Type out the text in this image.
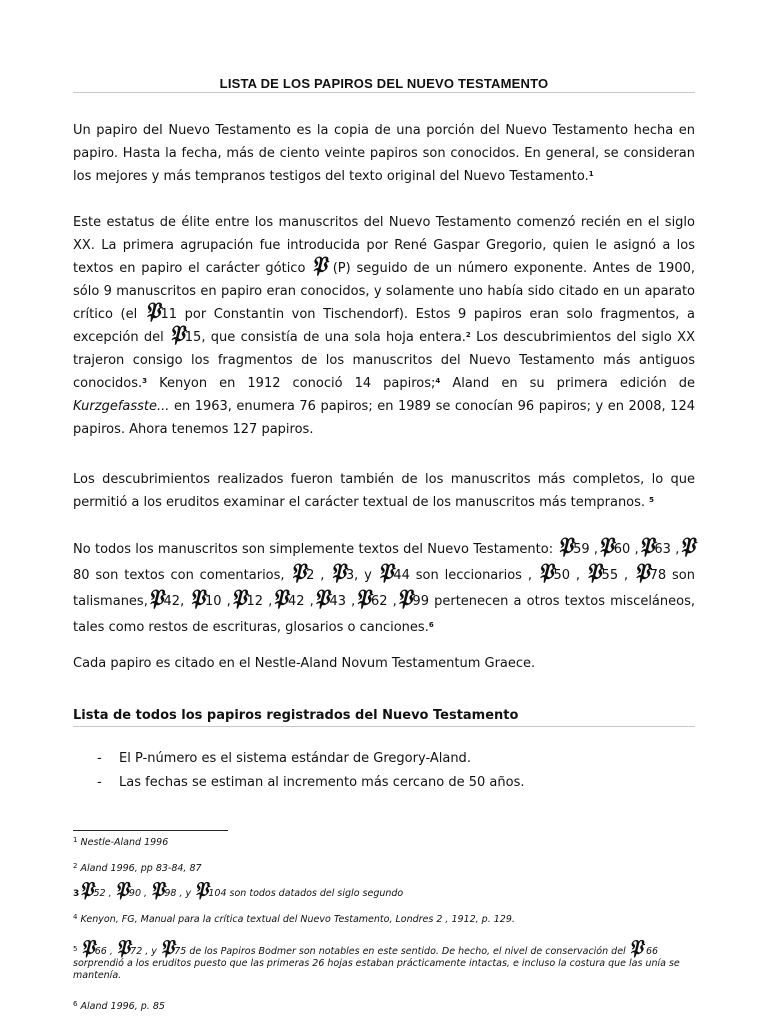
LISTA DE LOS PAPIROS DEL NUEVO TESTAMENTO
Un papiro del Nuevo Testamento es la copia de una porción del Nuevo Testamento hecha en papiro. Hasta la fecha, más de ciento veinte papiros son conocidos. En general, se consideran los mejores y más tempranos testigos del texto original del Nuevo Testamento.$^1$
Este estatus de élite entre los manuscritos del Nuevo Testamento comenzó recién en el siglo XX. La primera agrupación fue introducida por René Gaspar Gregorio, quien le asignó a los textos en papiro el carácter gótico 𝔓 (P) seguido de un número exponente. Antes de 1900, sólo 9 manuscritos en papiro eran conocidos, y solamente uno había sido citado en un aparato crítico (el 𝔓11 por Constantin von Tischendorf). Estos 9 papiros eran solo fragmentos, a excepción del 𝔓15, que consistía de una sola hoja entera.$^2$ Los descubrimientos del siglo XX trajeron consigo los fragmentos de los manuscritos del Nuevo Testamento más antiguos conocidos.$^3$ Kenyon en 1912 conoció 14 papiros;$^4$ Aland en su primera edición de Kurzgefasste... en 1963, enumera 76 papiros; en 1989 se conocían 96 papiros; y en 2008, 124 papiros. Ahora tenemos 127 papiros.
Los descubrimientos realizados fueron también de los manuscritos más completos, lo que permitió a los eruditos examinar el carácter textual de los manuscritos más tempranos. $^5$
No todos los manuscritos son simplemente textos del Nuevo Testamento: 𝔓59 ,𝔓60 ,𝔓63 ,𝔓 80 son textos con comentarios, 𝔓2 , 𝔓3, y 𝔓44 son leccionarios , 𝔓50 , 𝔓55 , 𝔓78 son talismanes,𝔓42, 𝔓10 ,𝔓12 ,𝔓42 ,𝔓43 ,𝔓62 ,𝔓99 pertenecen a otros textos misceláneos, tales como restos de escrituras, glosarios o canciones.$^6$
Cada papiro es citado en el Nestle-Aland Novum Testamentum Graece.
Lista de todos los papiros registrados del Nuevo Testamento
- El P-número es el sistema estándar de Gregory-Aland.
- Las fechas se estiman al incremento más cercano de 50 años.
$^1$ Nestle-Aland 1996
$^2$ Aland 1996, pp 83-84, 87
3𝔓52 , 𝔓90 , 𝔓98 , y 𝔓104 son todos datados del siglo segundo
$^4$ Kenyon, FG, Manual para la crítica textual del Nuevo Testamento, Londres 2 , 1912, p. 129.
$^5$ 𝔓66 , 𝔓72 , y 𝔓75 de los Papiros Bodmer son notables en este sentido. De hecho, el nivel de conservación del 𝔓 66 sorprendió a los eruditos puesto que las primeras 26 hojas estaban prácticamente intactas, e incluso la costura que las unía se mantenía.
$^6$ Aland 1996, p. 85
